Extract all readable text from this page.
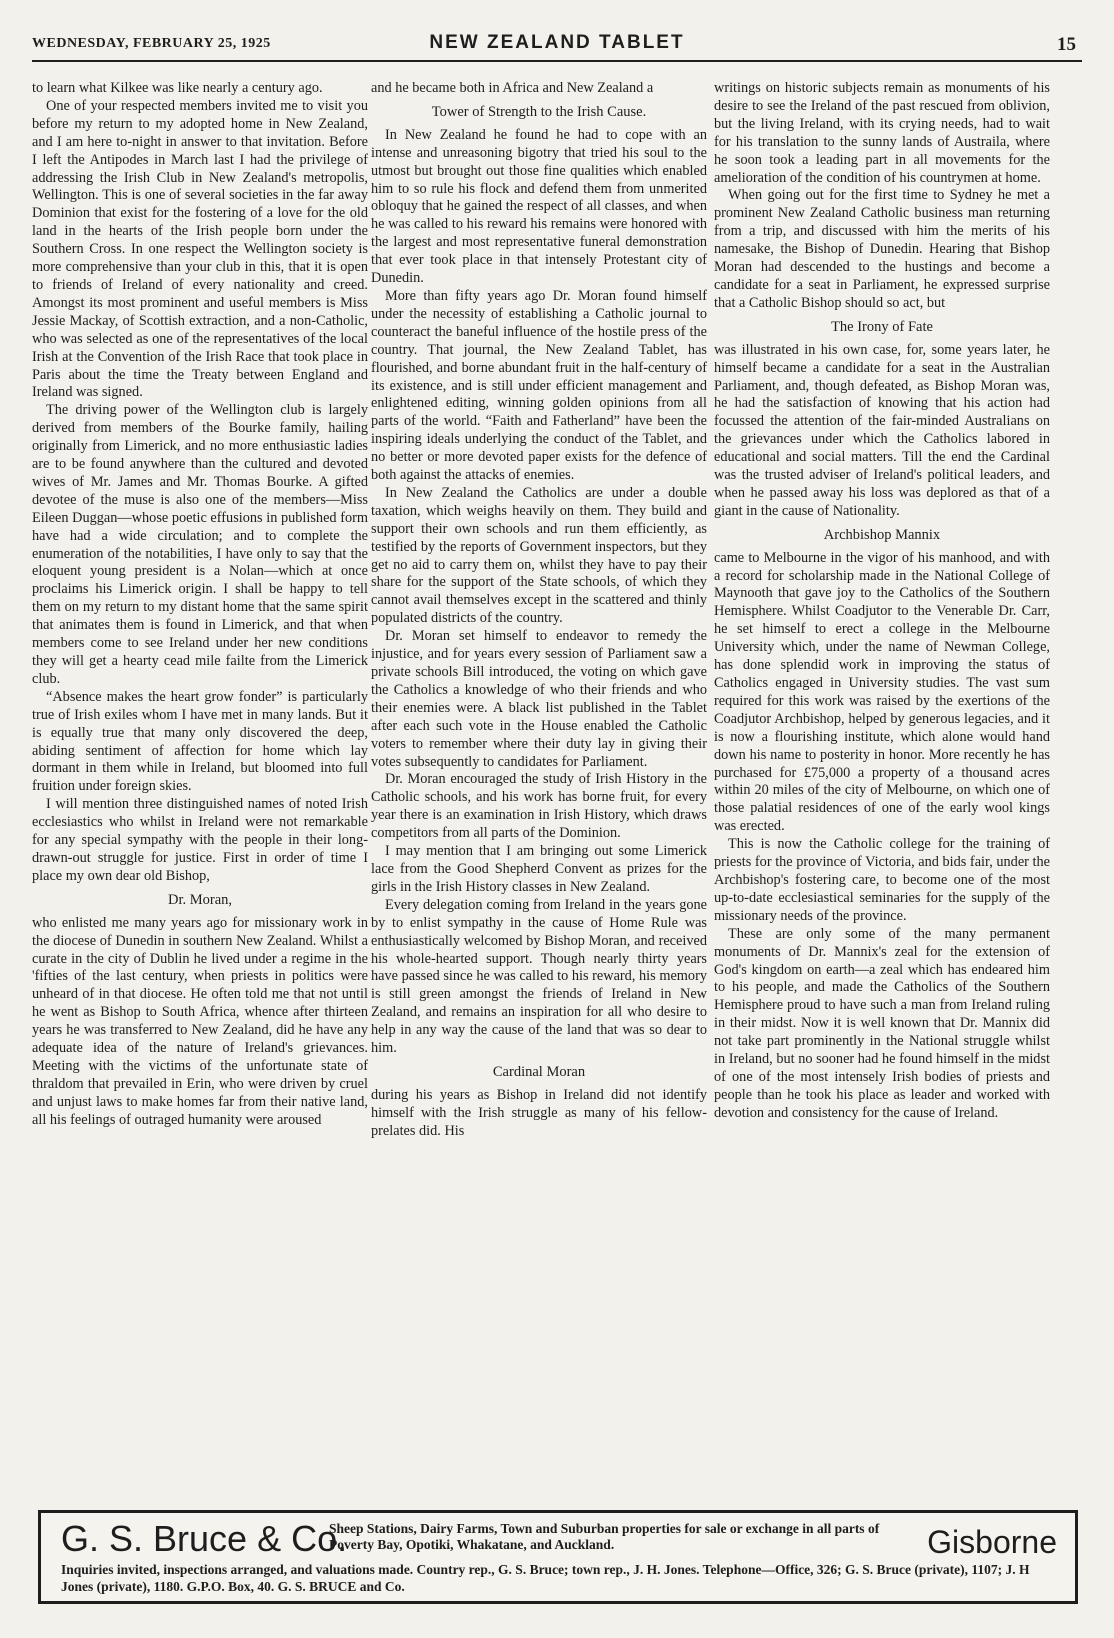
WEDNESDAY, FEBRUARY 25, 1925	NEW ZEALAND TABLET	15

to learn what Kilkee was like nearly a century ago.

One of your respected members invited me to visit you before my return to my adopted home in New Zealand, and I am here to-night in answer to that invitation. Before I left the Antipodes in March last I had the privilege of addressing the Irish Club in New Zealand's metropolis, Wellington. This is one of several societies in the far away Dominion that exist for the fostering of a love for the old land in the hearts of the Irish people born under the Southern Cross. In one respect the Wellington society is more comprehensive than your club in this, that it is open to friends of Ireland of every nationality and creed. Amongst its most prominent and useful members is Miss Jessie Mackay, of Scottish extraction, and a non-Catholic, who was selected as one of the representatives of the local Irish at the Convention of the Irish Race that took place in Paris about the time the Treaty between England and Ireland was signed.

The driving power of the Wellington club is largely derived from members of the Bourke family, hailing originally from Limerick, and no more enthusiastic ladies are to be found anywhere than the cultured and devoted wives of Mr. James and Mr. Thomas Bourke. A gifted devotee of the muse is also one of the members—Miss Eileen Duggan—whose poetic effusions in published form have had a wide circulation; and to complete the enumeration of the notabilities, I have only to say that the eloquent young president is a Nolan—which at once proclaims his Limerick origin. I shall be happy to tell them on my return to my distant home that the same spirit that animates them is found in Limerick, and that when members come to see Ireland under her new conditions they will get a hearty cead mile failte from the Limerick club.

“Absence makes the heart grow fonder” is particularly true of Irish exiles whom I have met in many lands. But it is equally true that many only discovered the deep, abiding sentiment of affection for home which lay dormant in them while in Ireland, but bloomed into full fruition under foreign skies.

I will mention three distinguished names of noted Irish ecclesiastics who whilst in Ireland were not remarkable for any special sympathy with the people in their long-drawn-out struggle for justice. First in order of time I place my own dear old Bishop,

Dr. Moran,

who enlisted me many years ago for missionary work in the diocese of Dunedin in southern New Zealand. Whilst a curate in the city of Dublin he lived under a regime in the 'fifties of the last century, when priests in politics were unheard of in that diocese. He often told me that not until he went as Bishop to South Africa, whence after thirteen years he was transferred to New Zealand, did he have any adequate idea of the nature of Ireland's grievances. Meeting with the victims of the unfortunate state of thraldom that prevailed in Erin, who were driven by cruel and unjust laws to make homes far from their native land, all his feelings of outraged humanity were aroused

and he became both in Africa and New Zealand a

Tower of Strength to the Irish Cause.

In New Zealand he found he had to cope with an intense and unreasoning bigotry that tried his soul to the utmost but brought out those fine qualities which enabled him to so rule his flock and defend them from unmerited obloquy that he gained the respect of all classes, and when he was called to his reward his remains were honored with the largest and most representative funeral demonstration that ever took place in that intensely Protestant city of Dunedin.

More than fifty years ago Dr. Moran found himself under the necessity of establishing a Catholic journal to counteract the baneful influence of the hostile press of the country. That journal, the New Zealand Tablet, has flourished, and borne abundant fruit in the half-century of its existence, and is still under efficient management and enlightened editing, winning golden opinions from all parts of the world. “Faith and Fatherland” have been the inspiring ideals underlying the conduct of the Tablet, and no better or more devoted paper exists for the defence of both against the attacks of enemies.

In New Zealand the Catholics are under a double taxation, which weighs heavily on them. They build and support their own schools and run them efficiently, as testified by the reports of Government inspectors, but they get no aid to carry them on, whilst they have to pay their share for the support of the State schools, of which they cannot avail themselves except in the scattered and thinly populated districts of the country.

Dr. Moran set himself to endeavor to remedy the injustice, and for years every session of Parliament saw a private schools Bill introduced, the voting on which gave the Catholics a knowledge of who their friends and who their enemies were. A black list published in the Tablet after each such vote in the House enabled the Catholic voters to remember where their duty lay in giving their votes subsequently to candidates for Parliament.

Dr. Moran encouraged the study of Irish History in the Catholic schools, and his work has borne fruit, for every year there is an examination in Irish History, which draws competitors from all parts of the Dominion.

I may mention that I am bringing out some Limerick lace from the Good Shepherd Convent as prizes for the girls in the Irish History classes in New Zealand.

Every delegation coming from Ireland in the years gone by to enlist sympathy in the cause of Home Rule was enthusiastically welcomed by Bishop Moran, and received his whole-hearted support. Though nearly thirty years have passed since he was called to his reward, his memory is still green amongst the friends of Ireland in New Zealand, and remains an inspiration for all who desire to help in any way the cause of the land that was so dear to him.

Cardinal Moran

during his years as Bishop in Ireland did not identify himself with the Irish struggle as many of his fellow-prelates did. His

writings on historic subjects remain as monuments of his desire to see the Ireland of the past rescued from oblivion, but the living Ireland, with its crying needs, had to wait for his translation to the sunny lands of Austraila, where he soon took a leading part in all movements for the amelioration of the condition of his countrymen at home.

When going out for the first time to Sydney he met a prominent New Zealand Catholic business man returning from a trip, and discussed with him the merits of his namesake, the Bishop of Dunedin. Hearing that Bishop Moran had descended to the hustings and become a candidate for a seat in Parliament, he expressed surprise that a Catholic Bishop should so act, but

The Irony of Fate

was illustrated in his own case, for, some years later, he himself became a candidate for a seat in the Australian Parliament, and, though defeated, as Bishop Moran was, he had the satisfaction of knowing that his action had focussed the attention of the fair-minded Australians on the grievances under which the Catholics labored in educational and social matters. Till the end the Cardinal was the trusted adviser of Ireland's political leaders, and when he passed away his loss was deplored as that of a giant in the cause of Nationality.

Archbishop Mannix

came to Melbourne in the vigor of his manhood, and with a record for scholarship made in the National College of Maynooth that gave joy to the Catholics of the Southern Hemisphere. Whilst Coadjutor to the Venerable Dr. Carr, he set himself to erect a college in the Melbourne University which, under the name of Newman College, has done splendid work in improving the status of Catholics engaged in University studies. The vast sum required for this work was raised by the exertions of the Coadjutor Archbishop, helped by generous legacies, and it is now a flourishing institute, which alone would hand down his name to posterity in honor. More recently he has purchased for £75,000 a property of a thousand acres within 20 miles of the city of Melbourne, on which one of those palatial residences of one of the early wool kings was erected.

This is now the Catholic college for the training of priests for the province of Victoria, and bids fair, under the Archbishop's fostering care, to become one of the most up-to-date ecclesiastical seminaries for the supply of the missionary needs of the province.

These are only some of the many permanent monuments of Dr. Mannix's zeal for the extension of God's kingdom on earth—a zeal which has endeared him to his people, and made the Catholics of the Southern Hemisphere proud to have such a man from Ireland ruling in their midst. Now it is well known that Dr. Mannix did not take part prominently in the National struggle whilst in Ireland, but no sooner had he found himself in the midst of one of the most intensely Irish bodies of priests and people than he took his place as leader and worked with devotion and consistency for the cause of Ireland.

G. S. Bruce & Co.
Sheep Stations, Dairy Farms, Town and Suburban properties for sale or exchange in all parts of Poverty Bay, Opotiki, Whakatane, and Auckland.	Gisborne
Inquiries invited, inspections arranged, and valuations made. Country rep., G. S. Bruce; town rep., J. H. Jones. Telephone—Office, 326; G. S. Bruce (private), 1107; J. H Jones (private), 1180. G.P.O. Box, 40. G. S. BRUCE and Co.
